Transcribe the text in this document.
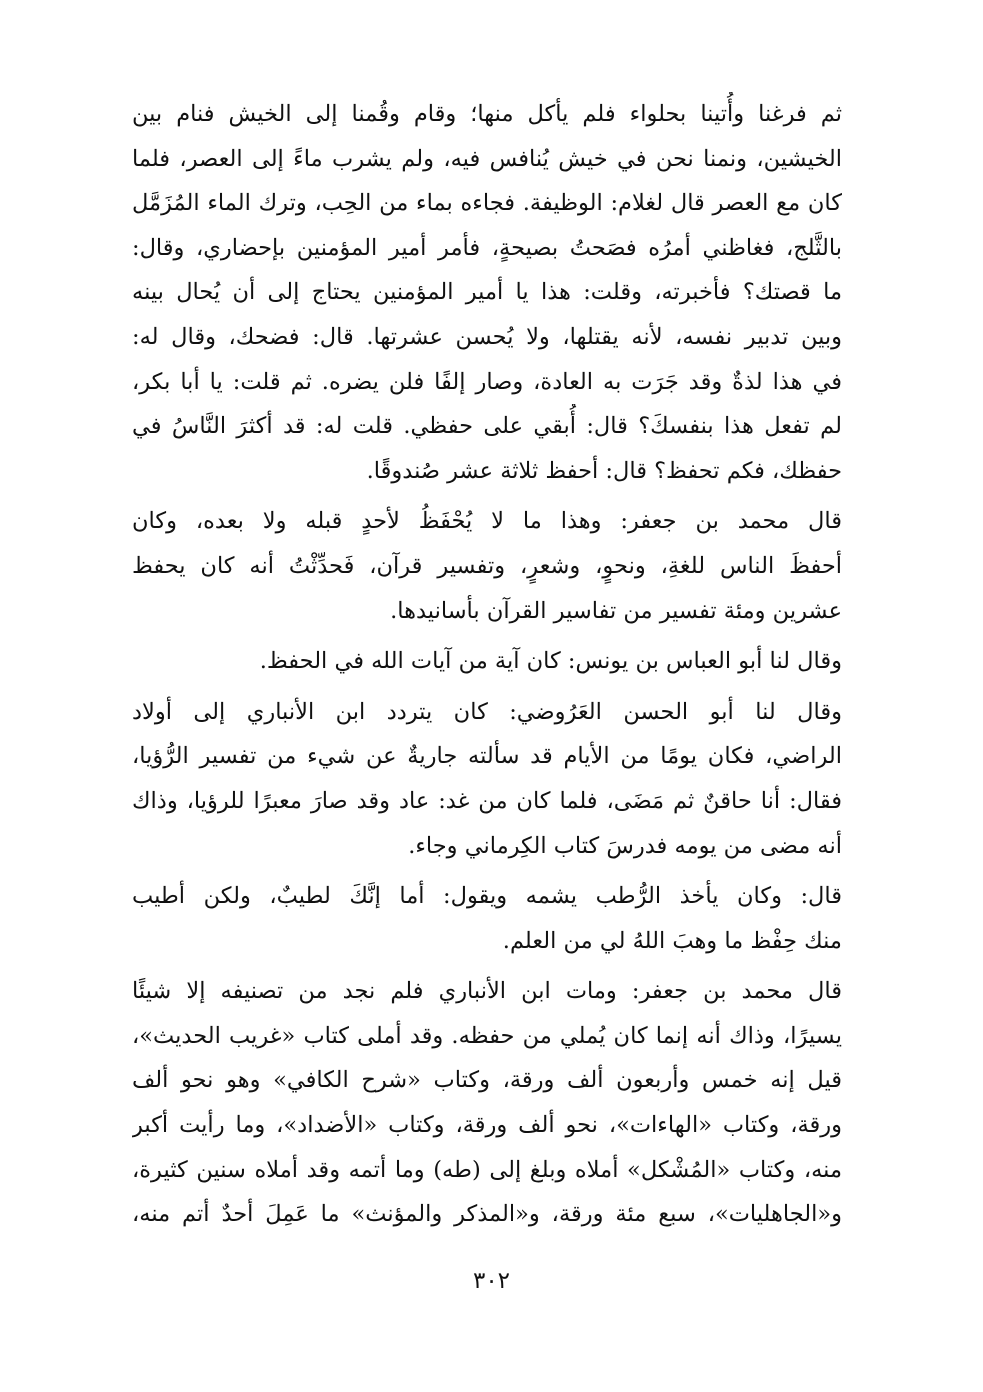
ثم فرغنا وأُتينا بحلواء فلم يأكل منها؛ وقام وقُمنا إلى الخيش فنام بين
الخيشين، ونمنا نحن في خيش يُنافس فيه، ولم يشرب ماءً إلى العصر، فلما
كان مع العصر قال لغلام: الوظيفة. فجاءه بماء من الحِب، وترك الماء المُزَمَّل
بالثَّلج، فغاظني أمرُه فصَحتُ بصيحةٍ، فأمر أمير المؤمنين بإحضاري، وقال:
ما قصتك؟ فأخبرته، وقلت: هذا يا أمير المؤمنين يحتاج إلى أن يُحال بينه
وبين تدبير نفسه، لأنه يقتلها، ولا يُحسن عشرتها. قال: فضحك، وقال له:
في هذا لذةٌ وقد جَرَت به العادة، وصار إلفًا فلن يضره. ثم قلت: يا أبا بكر،
لم تفعل هذا بنفسكَ؟ قال: أُبقي على حفظي. قلت له: قد أكثرَ النَّاسُ في
حفظك، فكم تحفظ؟ قال: أحفظ ثلاثة عشر صُندوقًا.
قال محمد بن جعفر: وهذا ما لا يُحْفَظُ لأحدٍ قبله ولا بعده، وكان
أحفظَ الناس للغةِ، ونحوٍ، وشعرٍ، وتفسير قرآن، فَحدِّثْتُ أنه كان يحفظ
عشرين ومئة تفسير من تفاسير القرآن بأسانيدها.
وقال لنا أبو العباس بن يونس: كان آية من آيات الله في الحفظ.
وقال لنا أبو الحسن العَرُوضي: كان يتردد ابن الأنباري إلى أولاد
الراضي، فكان يومًا من الأيام قد سألته جاريةٌ عن شيء من تفسير الرُّؤيا،
فقال: أنا حاقنٌ ثم مَضَى، فلما كان من غد: عاد وقد صارَ معبرًا للرؤيا، وذاك
أنه مضى من يومه فدرسَ كتاب الكِرماني وجاء.
قال: وكان يأخذ الرُّطب يشمه ويقول: أما إنَّكَ لطيبٌ، ولكن أطيب
منك حِفْظ ما وهبَ اللهُ لي من العلم.
قال محمد بن جعفر: ومات ابن الأنباري فلم نجد من تصنيفه إلا شيئًا
يسيرًا، وذاك أنه إنما كان يُملي من حفظه. وقد أملى كتاب «غريب الحديث»،
قيل إنه خمس وأربعون ألف ورقة، وكتاب «شرح الكافي» وهو نحو ألف
ورقة، وكتاب «الهاءات»، نحو ألف ورقة، وكتاب «الأضداد»، وما رأيت أكبر
منه، وكتاب «المُشْكل» أملاه وبلغ إلى (طه) وما أتمه وقد أملاه سنين كثيرة،
و«الجاهليات»، سبع مئة ورقة، و«المذكر والمؤنث» ما عَمِلَ أحدٌ أتم منه،
٣٠٢
